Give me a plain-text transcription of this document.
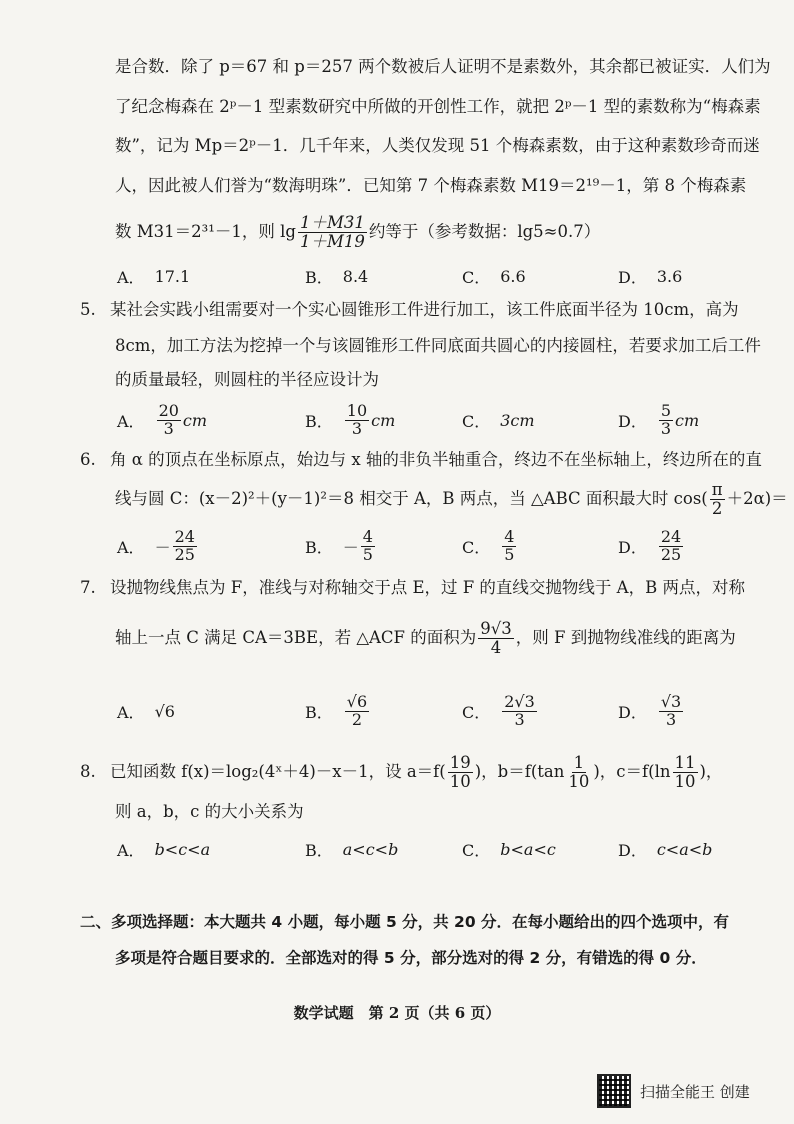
是合数．除了 p＝67 和 p＝257 两个数被后人证明不是素数外，其余都已被证实．人们为
了纪念梅森在 2ᵖ－1 型素数研究中所做的开创性工作，就把 2ᵖ－1 型的素数称为“梅森素
数”，记为 Mp＝2ᵖ－1．几千年来，人类仅发现 51 个梅森素数，由于这种素数珍奇而迷
人，因此被人们誉为“数海明珠”．已知第 7 个梅森素数 M19＝2¹⁹－1，第 8 个梅森素
数 M31＝2³¹－1，则 $\lg \frac{1+M31}{1+M19}$ 约等于（参考数据：lg5≈0.7）
A． 17.1	B． 8.4	C． 6.6	D． 3.6
5. 某社会实践小组需要对一个实心圆锥形工件进行加工，该工件底面半径为 10cm，高为
8cm，加工方法为挖掉一个与该圆锥形工件同底面共圆心的内接圆柱，若要求加工后工件
的质量最轻，则圆柱的半径应设计为
A． $\frac{20}{3}$ cm	B． $\frac{10}{3}$ cm	C． 3cm	D． $\frac{5}{3}$ cm
6. 角 α 的顶点在坐标原点，始边与 x 轴的非负半轴重合，终边不在坐标轴上，终边所在的直
线与圆 C：(x－2)²＋(y－1)²＝8 相交于 A，B 两点，当 △ABC 面积最大时 $\cos( \frac{\pi}{2} +2\alpha)=$
A． － $\frac{24}{25}$	B． － $\frac{4}{5}$	C． $\frac{4}{5}$	D． $\frac{24}{25}$
7. 设抛物线焦点为 F，准线与对称轴交于点 E，过 F 的直线交抛物线于 A，B 两点，对称
轴上一点 C 满足 CA＝3BE，若 △ACF 的面积为 $\frac{9√3}{4}$ ，则 F 到抛物线准线的距离为
A． √6	B． $\frac{√6}{2}$	C． $\frac{2√3}{3}$	D． $\frac{√3}{3}$
8. 已知函数 f(x)＝log₂(4ˣ＋4)－x－1，设 $a=f( \frac{19}{10}$ )，$b=f(\tan \frac{1}{10}$ )，$c=f(\ln \frac{11}{10}$ )，
则 a，b，c 的大小关系为
A． b<c<a	B． a<c<b	C． b<a<c	D． c<a<b
二、多项选择题：本大题共 4 小题，每小题 5 分，共 20 分．在每小题给出的四个选项中，有
多项是符合题目要求的．全部选对的得 5 分，部分选对的得 2 分，有错选的得 0 分．
数学试题　第 2 页（共 6 页）
扫描全能王 创建
